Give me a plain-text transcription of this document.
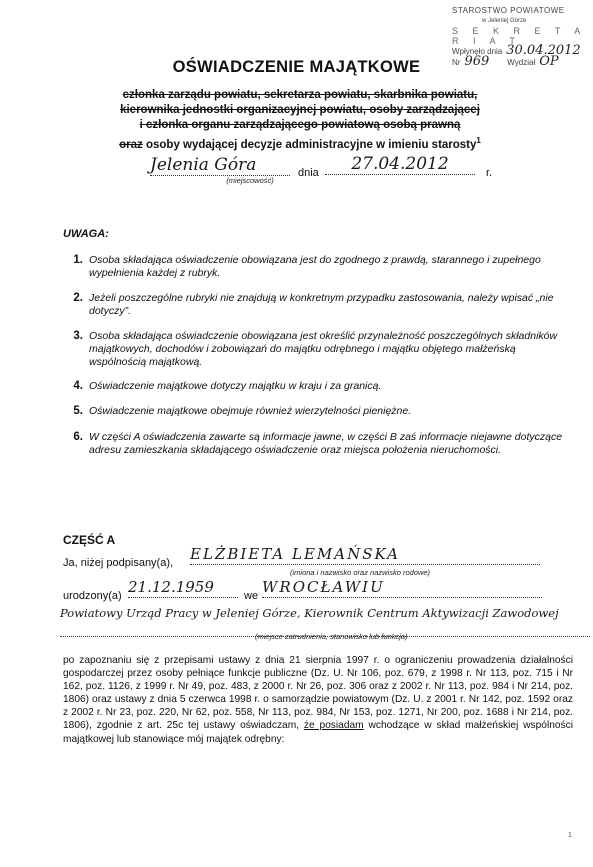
STAROSTWO POWIATOWE
w Jeleniej Górze
S E K R E T A R I A T
Wpłynęło dnia 30.04.2012
Nr 969 Wydział OP
OŚWIADCZENIE MAJĄTKOWE
członka zarządu powiatu, sekretarza powiatu, skarbnika powiatu,
kierownika jednostki organizacyjnej powiatu, osoby zarządzającej
i członka organu zarządzającego powiatową osobą prawną
oraz osoby wydającej decyzje administracyjne w imieniu starosty$^1$
Jelenia Góra
(miejscowość)
dnia	27.04.2012	r.
UWAGA:
1. Osoba składająca oświadczenie obowiązana jest do zgodnego z prawdą, starannego i zupełnego wypełnienia każdej z rubryk.
2. Jeżeli poszczególne rubryki nie znajdują w konkretnym przypadku zastosowania, należy wpisać „nie dotyczy”.
3. Osoba składająca oświadczenie obowiązana jest określić przynależność poszczególnych składników majątkowych, dochodów i zobowiązań do majątku odrębnego i majątku objętego małżeńską wspólnością majątkową.
4. Oświadczenie majątkowe dotyczy majątku w kraju i za granicą.
5. Oświadczenie majątkowe obejmuje również wierzytelności pieniężne.
6. W części A oświadczenia zawarte są informacje jawne, w części B zaś informacje niejawne dotyczące adresu zamieszkania składającego oświadczenie oraz miejsca położenia nieruchomości.
CZĘŚĆ A
Ja, niżej podpisany(a), ELŻBIETA LEMAŃSKA
(imiona i nazwisko oraz nazwisko rodowe)
urodzony(a) 21.12.1959	we WROCŁAWIU
Powiatowy Urząd Pracy w Jeleniej Górze, Kierownik Centrum Aktywizacji Zawodowej
(miejsce zatrudnienia, stanowisko lub funkcja)
po zapoznaniu się z przepisami ustawy z dnia 21 sierpnia 1997 r. o ograniczeniu prowadzenia działalności gospodarczej przez osoby pełniące funkcje publiczne (Dz. U. Nr 106, poz. 679, z 1998 r. Nr 113, poz. 715 i Nr 162, poz. 1126, z 1999 r. Nr 49, poz. 483, z 2000 r. Nr 26, poz. 306 oraz z 2002 r. Nr 113, poz. 984 i Nr 214, poz. 1806) oraz ustawy z dnia 5 czerwca 1998 r. o samorządzie powiatowym (Dz. U. z 2001 r. Nr 142, poz. 1592 oraz z 2002 r. Nr 23, poz. 220, Nr 62, poz. 558, Nr 113, poz. 984, Nr 153, poz. 1271, Nr 200, poz. 1688 i Nr 214, poz. 1806), zgodnie z art. 25c tej ustawy oświadczam, że posiadam wchodzące w skład małżeńskiej wspólności majątkowej lub stanowiące mój majątek odrębny:
1
